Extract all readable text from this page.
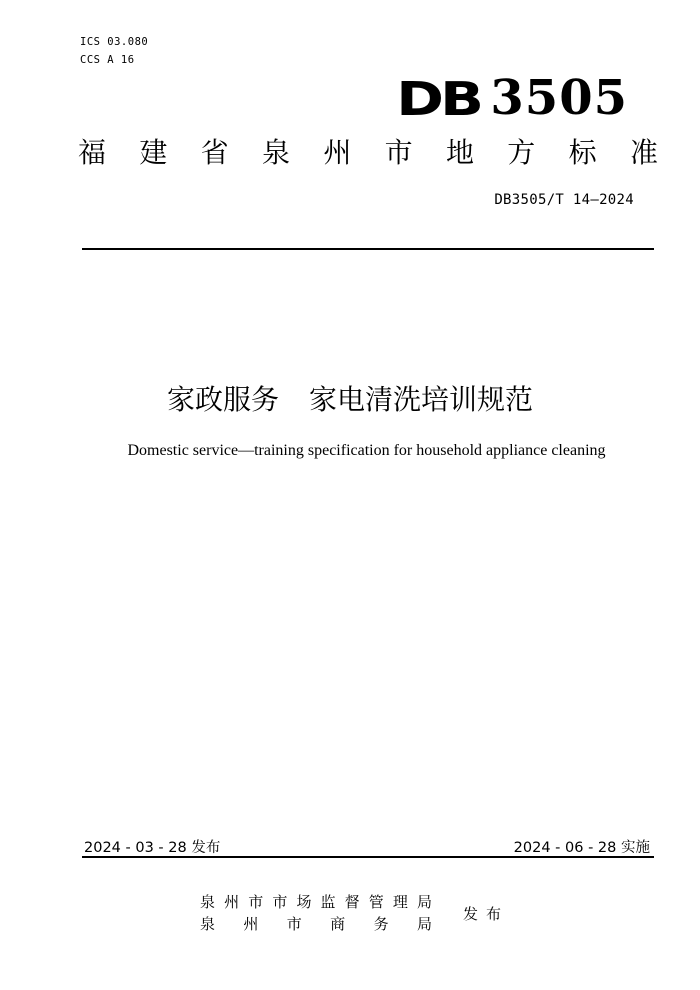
ICS 03.080
CCS A 16
DB 3505
福 建 省 泉 州 市 地 方 标 准
DB3505/T 14—2024
家政服务 家电清洗培训规范
Domestic service—training specification for household appliance cleaning
2024 - 03 - 28 发布	2024 - 06 - 28 实施
泉 州 市 市 场 监 督 管 理 局
泉 州 市 商 务 局
发布
